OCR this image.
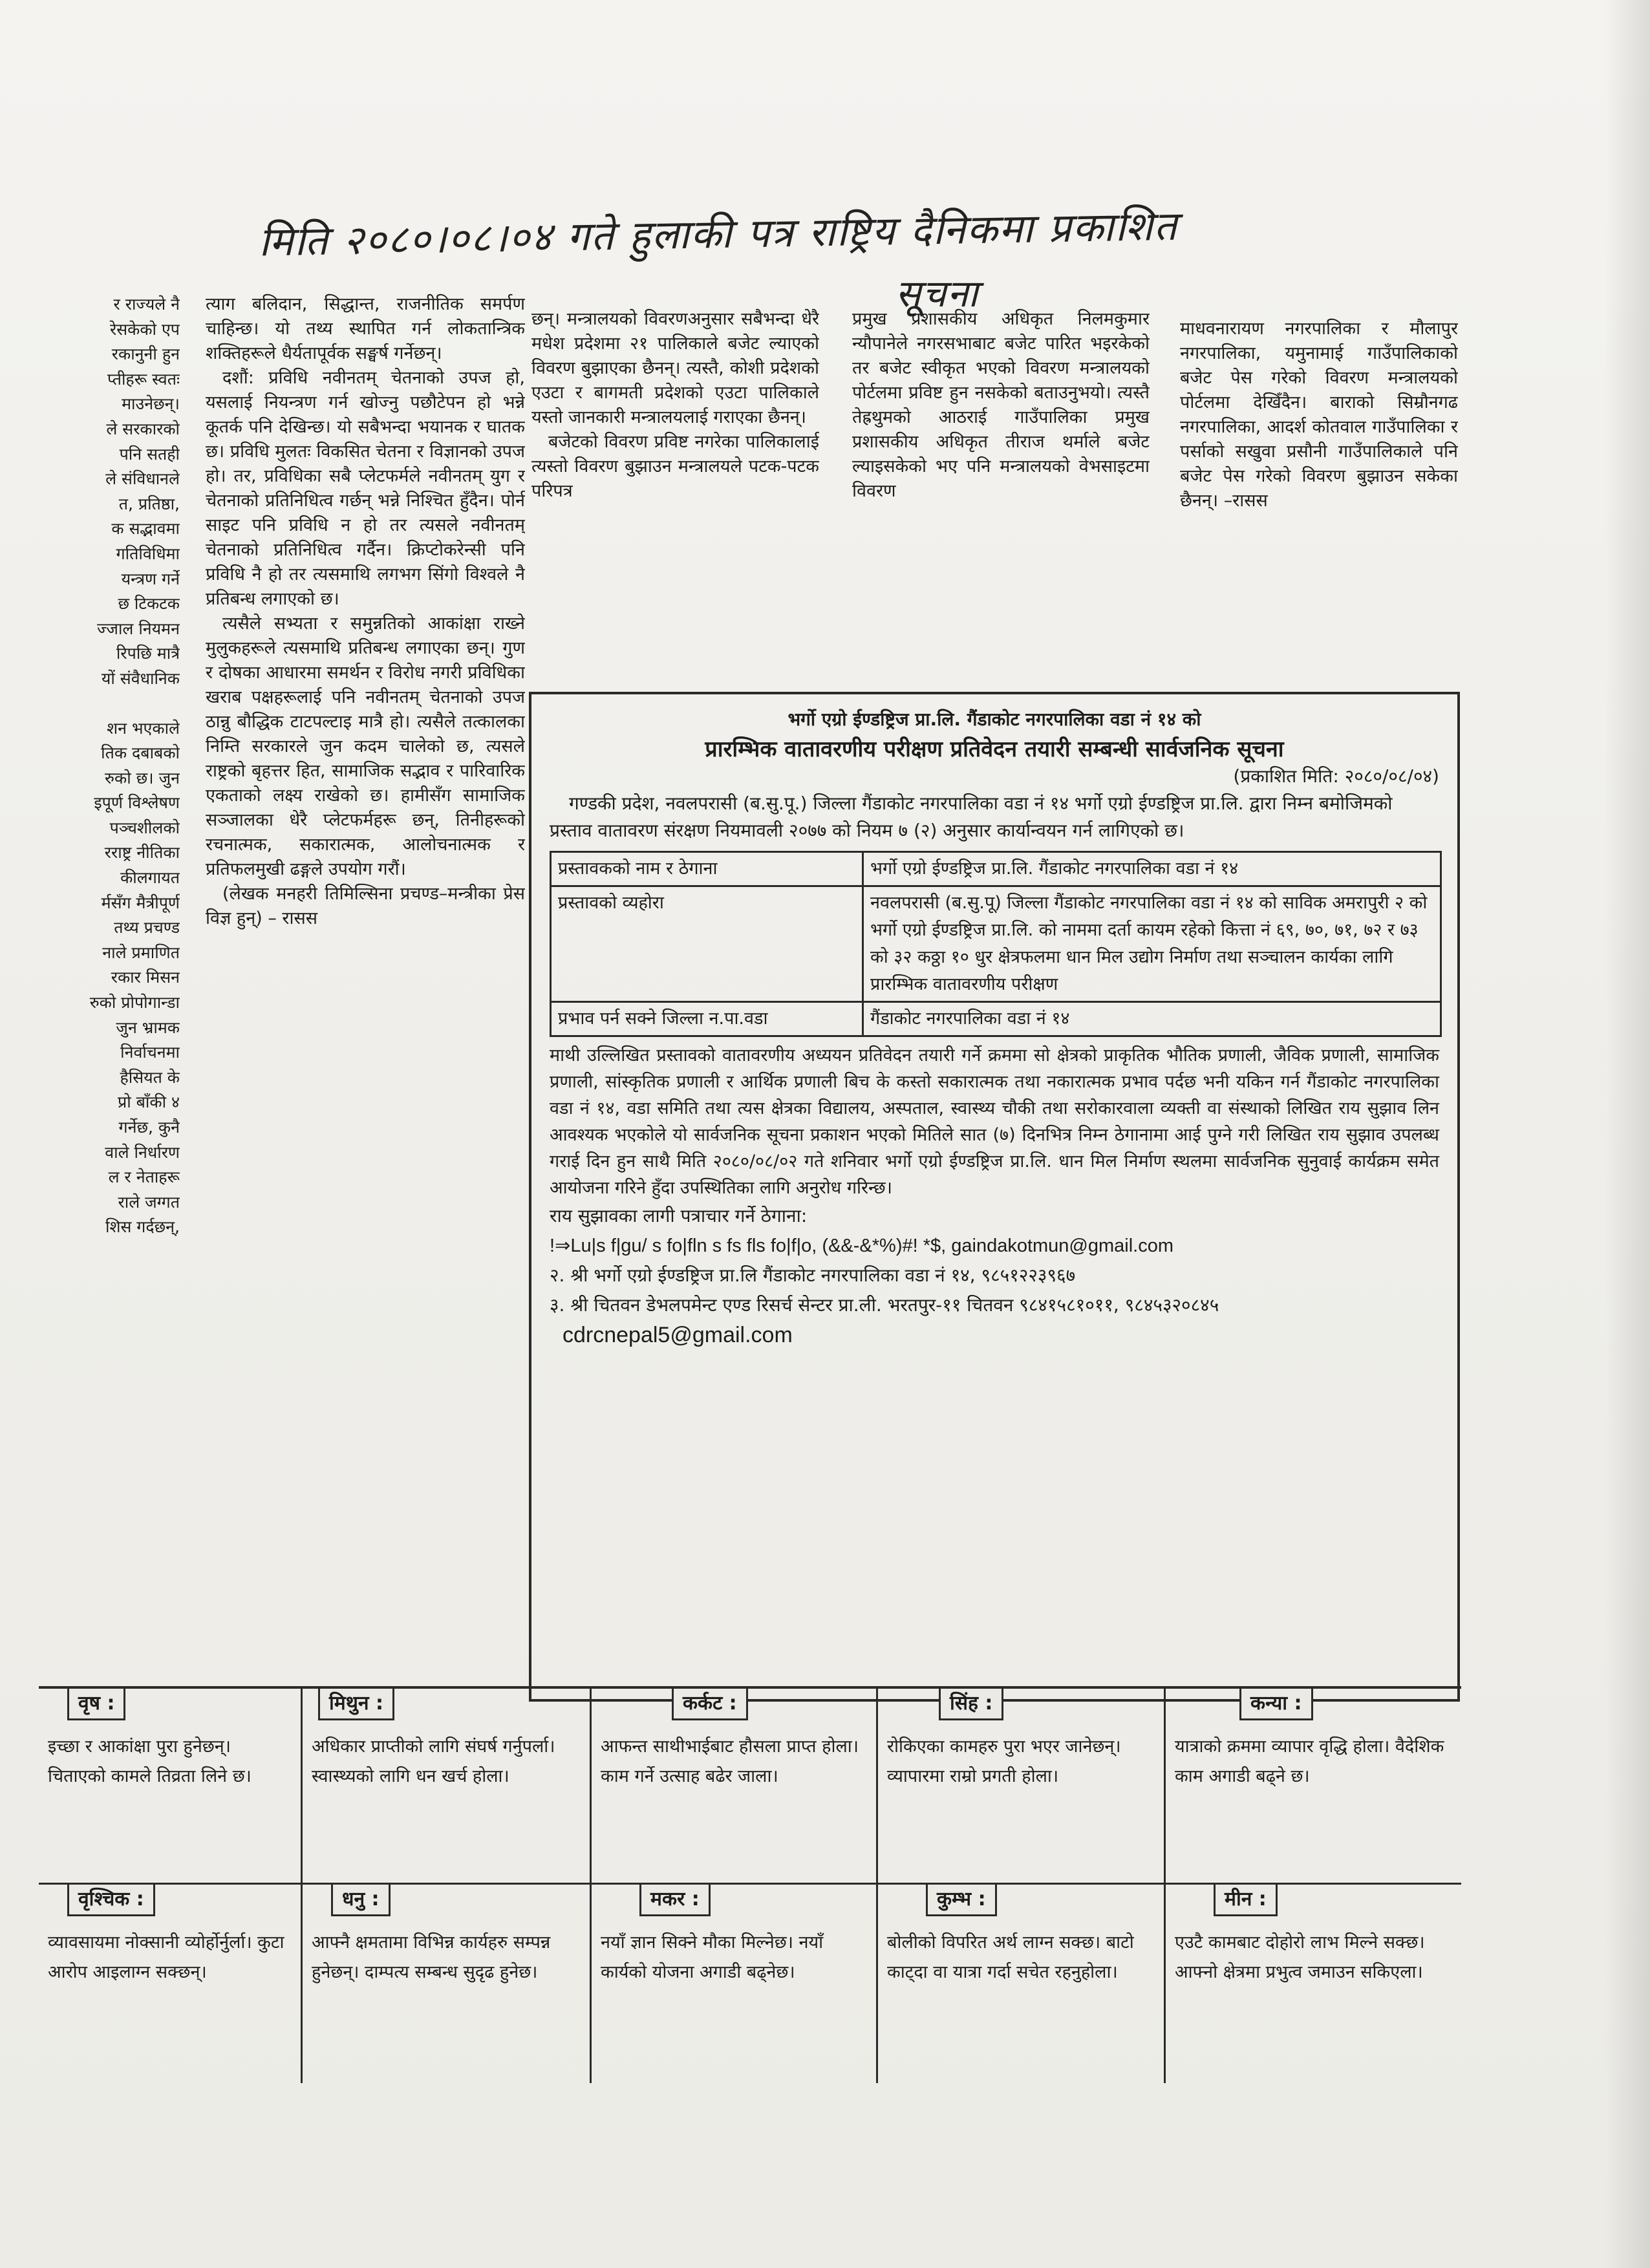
मिति २०८०।०८।०४ गते हुलाकी पत्र राष्ट्रिय दैनिकमा प्रकाशित
सूचना
र राज्यले नै
रेसकेको एप
रकानुनी हुन
प्तीहरू स्वतः
माउनेछन्।
ले सरकारको
पनि सतही
ले संविधानले
त, प्रतिष्ठा,
क सद्भावमा
गतिविधिमा
यन्त्रण गर्ने
छ टिकटक
ज्जाल नियमन
रिपछि मात्रै
यों संवैधानिक
शन भएकाले
तिक दबाबको
रुको छ। जुन
इपूर्ण विश्लेषण
पञ्चशीलको
रराष्ट्र नीतिका
कीलगायत
र्मसँग मैत्रीपूर्ण
तथ्य प्रचण्ड
नाले प्रमाणित
रकार मिसन
रुको प्रोपोगान्डा
जुन भ्रामक
निर्वाचनमा
हैसियत के
प्रो बाँकी ४
गर्नेछ, कुनै
वाले निर्धारण
ल र नेताहरू
राले जग्गत
शिस गर्दछन्,

त्याग बलिदान, सिद्धान्त, राजनीतिक समर्पण चाहिन्छ। यो तथ्य स्थापित गर्न लोकतान्त्रिक शक्तिहरूले धैर्यतापूर्वक सङ्घर्ष गर्नेछन्।

दशौं: प्रविधि नवीनतम् चेतनाको उपज हो, यसलाई नियन्त्रण गर्न खोज्नु पछौटेपन हो भन्ने कूतर्क पनि देखिन्छ। यो सबैभन्दा भयानक र घातक छ। प्रविधि मुलतः विकसित चेतना र विज्ञानको उपज हो। तर, प्रविधिका सबै प्लेटफर्मले नवीनतम् युग र चेतनाको प्रतिनिधित्व गर्छन् भन्ने निश्चित हुँदैन। पोर्न साइट पनि प्रविधि न हो तर त्यसले नवीनतम् चेतनाको प्रतिनिधित्व गर्दैन। क्रिप्टोकरेन्सी पनि प्रविधि नै हो तर त्यसमाथि लगभग सिंगो विश्वले नै प्रतिबन्ध लगाएको छ।

त्यसैले सभ्यता र समुन्नतिको आकांक्षा राख्ने मुलुकहरूले त्यसमाथि प्रतिबन्ध लगाएका छन्। गुण र दोषका आधारमा समर्थन र विरोध नगरी प्रविधिका खराब पक्षहरूलाई पनि नवीनतम् चेतनाको उपज ठान्नु बौद्धिक टाटपल्टाइ मात्रै हो। त्यसैले तत्कालका निम्ति सरकारले जुन कदम चालेको छ, त्यसले राष्ट्रको बृहत्तर हित, सामाजिक सद्भाव र पारिवारिक एकताको लक्ष्य राखेको छ। हामीसँग सामाजिक सञ्जालका धेरै प्लेटफर्महरू छन्, तिनीहरूको रचनात्मक, सकारात्मक, आलोचनात्मक र प्रतिफलमुखी ढङ्गले उपयोग गरौं।

(लेखक मनहरी तिमिल्सिना प्रचण्ड–मन्त्रीका प्रेस विज्ञ हुन्) – रासस

छन्। मन्त्रालयको विवरणअनुसार सबैभन्दा धेरै मधेश प्रदेशमा २१ पालिकाले बजेट ल्याएको विवरण बुझाएका छैनन्। त्यस्तै, कोशी प्रदेशको एउटा र बागमती प्रदेशको एउटा पालिकाले यस्तो जानकारी मन्त्रालयलाई गराएका छैनन्।

बजेटको विवरण प्रविष्ट नगरेका पालिकालाई त्यस्तो विवरण बुझाउन मन्त्रालयले पटक-पटक परिपत्र

प्रमुख प्रशासकीय अधिकृत निलमकुमार न्यौपानेले नगरसभाबाट बजेट पारित भइरकेको तर बजेट स्वीकृत भएको विवरण मन्त्रालयको पोर्टलमा प्रविष्ट हुन नसकेको बताउनुभयो। त्यस्तै तेह्रथुमको आठराई गाउँपालिका प्रमुख प्रशासकीय अधिकृत तीराज थर्माले बजेट ल्याइसकेको भए पनि मन्त्रालयको वेभसाइटमा विवरण

माधवनारायण नगरपालिका र मौलापुर नगरपालिका, यमुनामाई गाउँपालिकाको बजेट पेस गरेको विवरण मन्त्रालयको पोर्टलमा देखिँदैन। बाराको सिम्रौनगढ नगरपालिका, आदर्श कोतवाल गाउँपालिका र पर्साको सखुवा प्रसौनी गाउँपालिकाले पनि बजेट पेस गरेको विवरण बुझाउन सकेका छैनन्। –रासस

भर्गो एग्रो ईण्डष्ट्रिज प्रा.लि. गैंडाकोट नगरपालिका वडा नं १४ को
प्रारम्भिक वातावरणीय परीक्षण प्रतिवेदन तयारी सम्बन्धी सार्वजनिक सूचना
(प्रकाशित मिति: २०८०/०८/०४)
गण्डकी प्रदेश, नवलपरासी (ब.सु.पू.) जिल्ला गैंडाकोट नगरपालिका वडा नं १४ भर्गो एग्रो ईण्डष्ट्रिज प्रा.लि. द्वारा निम्न बमोजिमको प्रस्ताव वातावरण संरक्षण नियमावली २०७७ को नियम ७ (२) अनुसार कार्यान्वयन गर्न लागिएको छ।
प्रस्तावकको नाम र ठेगाना	भर्गो एग्रो ईण्डष्ट्रिज प्रा.लि. गैंडाकोट नगरपालिका वडा नं १४
प्रस्तावको व्यहोरा	नवलपरासी (ब.सु.पू) जिल्ला गैंडाकोट नगरपालिका वडा नं १४ को साविक अमरापुरी २ को भर्गो एग्रो ईण्डष्ट्रिज प्रा.लि. को नाममा दर्ता कायम रहेको कित्ता नं ६९, ७०, ७१, ७२ र ७३ को ३२ कठ्ठा १० धुर क्षेत्रफलमा धान मिल उद्योग निर्माण तथा सञ्चालन कार्यका लागि प्रारम्भिक वातावरणीय परीक्षण
प्रभाव पर्न सक्ने जिल्ला न.पा.वडा	गैंडाकोट नगरपालिका वडा नं १४
माथी उल्लिखित प्रस्तावको वातावरणीय अध्ययन प्रतिवेदन तयारी गर्ने क्रममा सो क्षेत्रको प्राकृतिक भौतिक प्रणाली, जैविक प्रणाली, सामाजिक प्रणाली, सांस्कृतिक प्रणाली र आर्थिक प्रणाली बिच के कस्तो सकारात्मक तथा नकारात्मक प्रभाव पर्दछ भनी यकिन गर्न गैंडाकोट नगरपालिका वडा नं १४, वडा समिति तथा त्यस क्षेत्रका विद्यालय, अस्पताल, स्वास्थ्य चौकी तथा सरोकारवाला व्यक्ती वा संस्थाको लिखित राय सुझाव लिन आवश्यक भएकोले यो सार्वजनिक सूचना प्रकाशन भएको मितिले सात (७) दिनभित्र निम्न ठेगानामा आई पुग्ने गरी लिखित राय सुझाव उपलब्ध गराई दिन हुन साथै मिति २०८०/०८/०२ गते शनिवार भर्गो एग्रो ईण्डष्ट्रिज प्रा.लि. धान मिल निर्माण स्थलमा सार्वजनिक सुनुवाई कार्यक्रम समेत आयोजना गरिने हुँदा उपस्थितिका लागि अनुरोध गरिन्छ।
राय सुझावका लागी पत्राचार गर्ने ठेगाना:
!⇒Lu|s f|gu/ s fo|fln s fs fls fo|f|o, (&&-&*%)#! *$, gaindakotmun@gmail.com
२. श्री भर्गो एग्रो ईण्डष्ट्रिज प्रा.लि गैंडाकोट नगरपालिका वडा नं १४, ९८५१२२३९६७
३. श्री चितवन डेभलपमेन्ट एण्ड रिसर्च सेन्टर प्रा.ली. भरतपुर-११ चितवन ९८४१५८१०११, ९८४५३२०८४५
cdrcnepal5@gmail.com
वृष :
इच्छा र आकांक्षा पुरा हुनेछन्। चिताएको कामले तिव्रता लिने छ।
मिथुन :
अधिकार प्राप्तीको लागि संघर्ष गर्नुपर्ला। स्वास्थ्यको लागि धन खर्च होला।
कर्कट :
आफन्त साथीभाईबाट हौसला प्राप्त होला। काम गर्ने उत्साह बढेर जाला।
सिंह :
रोकिएका कामहरु पुरा भएर जानेछन्। व्यापारमा राम्रो प्रगती होला।
कन्या :
यात्राको क्रममा व्यापार वृद्धि होला। वैदेशिक काम अगाडी बढ्ने छ।
वृश्चिक :
व्यावसायमा नोक्सानी व्योर्होर्नुर्ला। कुटा आरोप आइलाग्न सक्छन्।
धनु :
आफ्नै क्षमतामा विभिन्न कार्यहरु सम्पन्न हुनेछन्। दाम्पत्य सम्बन्ध सुदृढ हुनेछ।
मकर :
नयाँ ज्ञान सिक्ने मौका मिल्नेछ। नयाँ कार्यको योजना अगाडी बढ्नेछ।
कुम्भ :
बोलीको विपरित अर्थ लाग्न सक्छ। बाटो काट्दा वा यात्रा गर्दा सचेत रहनुहोला।
मीन :
एउटै कामबाट दोहोरो लाभ मिल्ने सक्छ। आफ्नो क्षेत्रमा प्रभुत्व जमाउन सकिएला।
